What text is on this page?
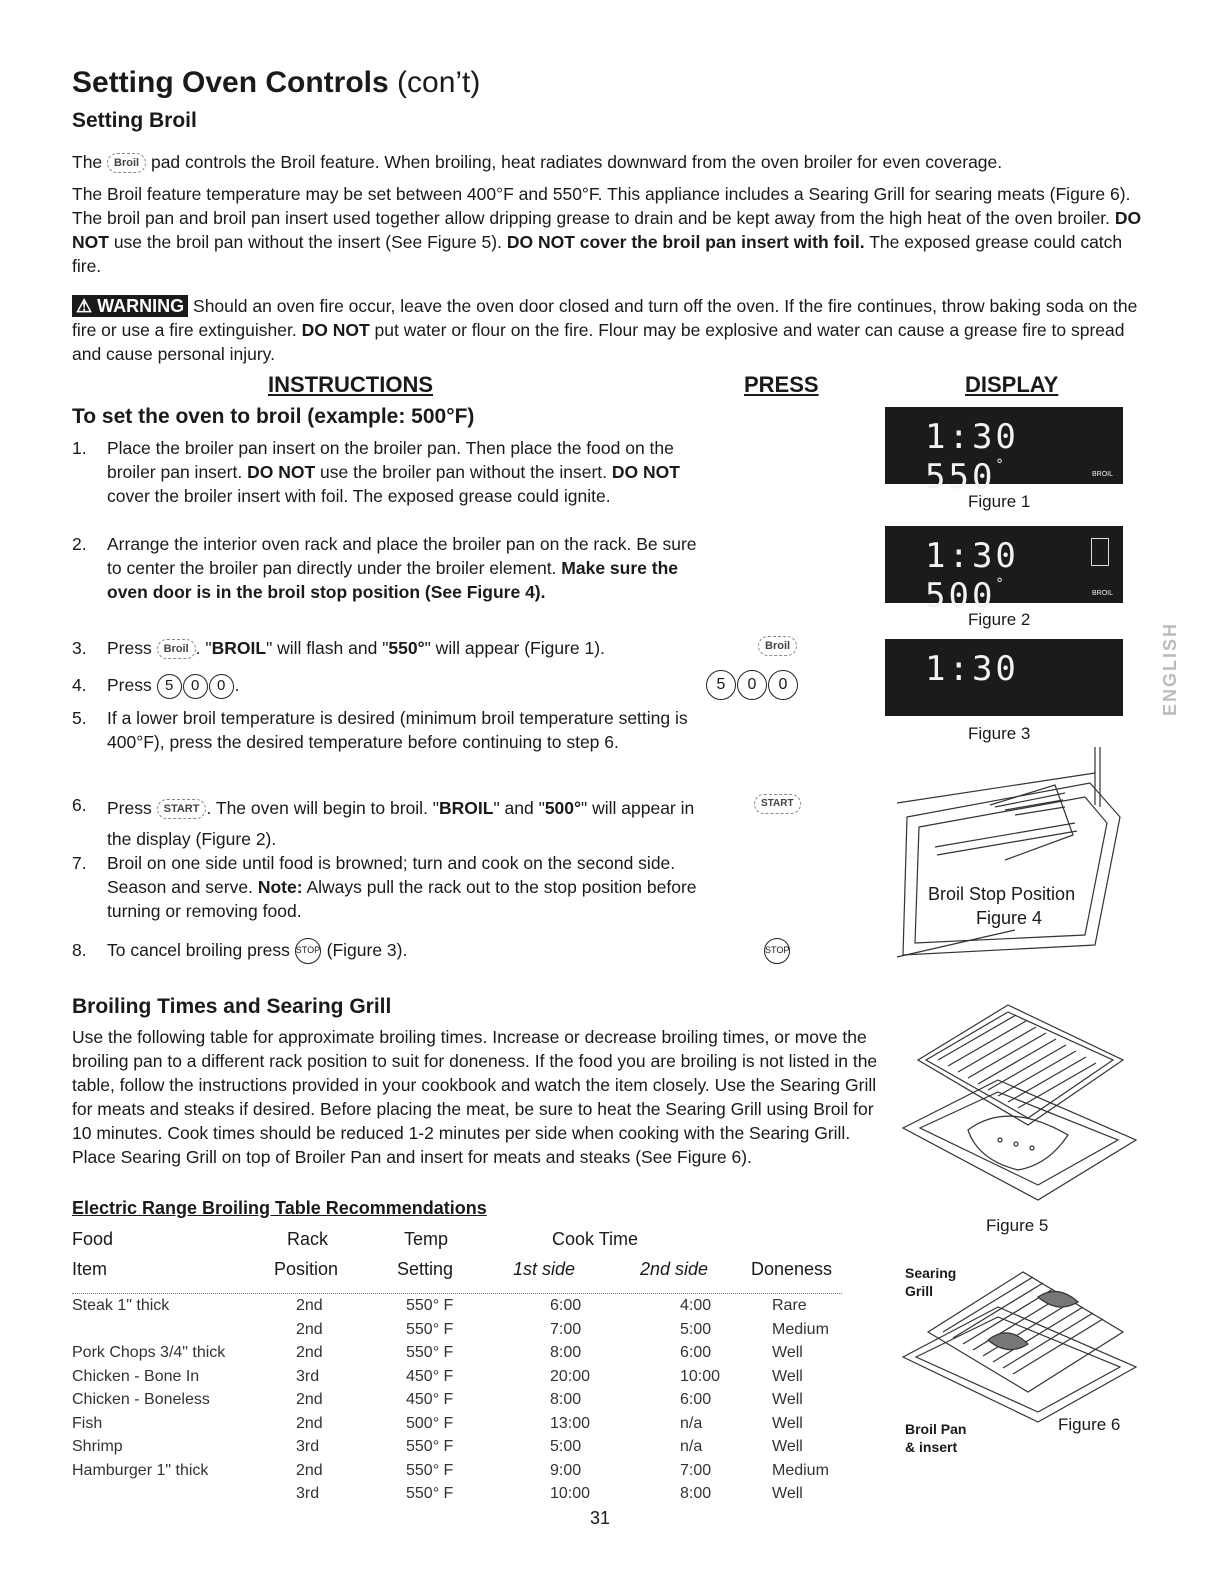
Setting Oven Controls (con’t)
Setting Broil
The Broil pad controls the Broil feature. When broiling, heat radiates downward from the oven broiler for even coverage.
The Broil feature temperature may be set between 400°F and 550°F. This appliance includes a Searing Grill for searing meats (Figure 6). The broil pan and broil pan insert used together allow dripping grease to drain and be kept away from the high heat of the oven broiler. DO NOT use the broil pan without the insert (See Figure 5). DO NOT cover the broil pan insert with foil. The exposed grease could catch fire.
⚠ WARNING Should an oven fire occur, leave the oven door closed and turn off the oven. If the fire continues, throw baking soda on the fire or use a fire extinguisher. DO NOT put water or flour on the fire. Flour may be explosive and water can cause a grease fire to spread and cause personal injury.
INSTRUCTIONS	PRESS	DISPLAY
To set the oven to broil (example: 500°F)
1. Place the broiler pan insert on the broiler pan. Then place the food on the broiler pan insert. DO NOT use the broiler pan without the insert. DO NOT cover the broiler insert with foil. The exposed grease could ignite.
2. Arrange the interior oven rack and place the broiler pan on the rack. Be sure to center the broiler pan directly under the broiler element. Make sure the oven door is in the broil stop position (See Figure 4).
3. Press Broil . "BROIL" will flash and "550°" will appear (Figure 1).
4. Press 5 0 0 .
5. If a lower broil temperature is desired (minimum broil temperature setting is 400°F), press the desired temperature before continuing to step 6.
6. Press START . The oven will begin to broil. "BROIL" and "500°" will appear in the display (Figure 2).
7. Broil on one side until food is browned; turn and cook on the second side. Season and serve. Note: Always pull the rack out to the stop position before turning or removing food.
8. To cancel broiling press STOP (Figure 3).
Broil
5 0 0
START
STOP
1:30 550°
BROIL
Figure 1
1:30 500°
BROIL
Figure 2
1:30
Figure 3
Broil Stop Position
Figure 4
ENGLISH
Broiling Times and Searing Grill
Use the following table for approximate broiling times. Increase or decrease broiling times, or move the broiling pan to a different rack position to suit for doneness. If the food you are broiling is not listed in the table, follow the instructions provided in your cookbook and watch the item closely. Use the Searing Grill for meats and steaks if desired. Before placing the meat, be sure to heat the Searing Grill using Broil for 10 minutes. Cook times should be reduced 1-2 minutes per side when cooking with the Searing Grill. Place Searing Grill on top of Broiler Pan and insert for meats and steaks (See Figure 6).
Electric Range Broiling Table Recommendations
Food	Rack	Temp	Cook Time
Item	Position	Setting	1st side	2nd side Doneness
Steak 1" thick	2nd	550° F	6:00	4:00	Rare
	2nd	550° F	7:00	5:00	Medium
Pork Chops 3/4" thick	2nd	550° F	8:00	6:00	Well
Chicken - Bone In	3rd	450° F	20:00	10:00	Well
Chicken - Boneless	2nd	450° F	8:00	6:00	Well
Fish	2nd	500° F	13:00	n/a	Well
Shrimp	3rd	550° F	5:00	n/a	Well
Hamburger 1" thick	2nd	550° F	9:00	7:00	Medium
	3rd	550° F	10:00	8:00	Well
Figure 5
Searing
Grill
Broil Pan
& insert
Figure 6
31
